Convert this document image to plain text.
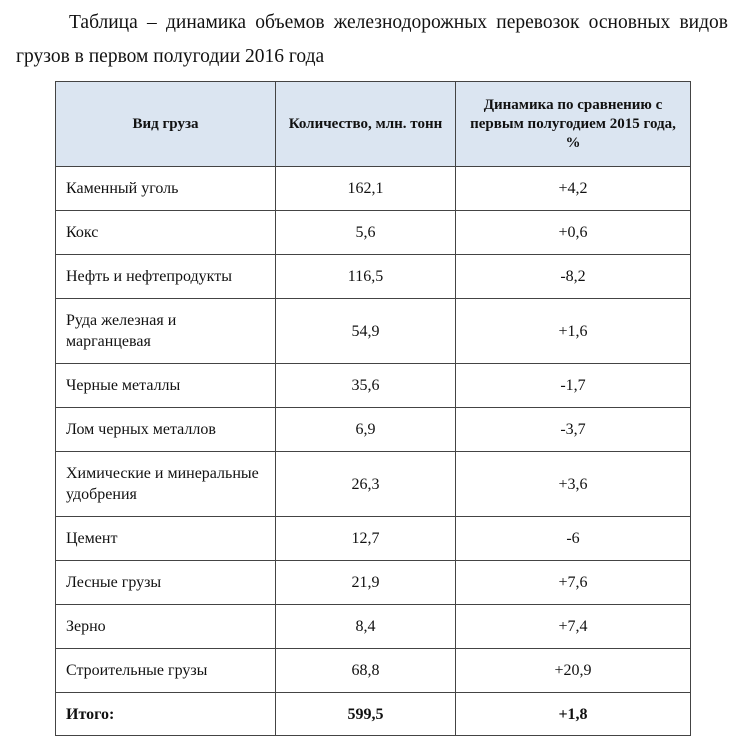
Таблица – динамика объемов железнодорожных перевозок основных видов грузов в первом полугодии 2016 года

Вид груза	Количество, млн. тонн	Динамика по сравнению с первым полугодием 2015 года, %
Каменный уголь	162,1	+4,2
Кокс	5,6	+0,6
Нефть и нефтепродукты	116,5	-8,2
Руда железная и марганцевая	54,9	+1,6
Черные металлы	35,6	-1,7
Лом черных металлов	6,9	-3,7
Химические и минеральные удобрения	26,3	+3,6
Цемент	12,7	-6
Лесные грузы	21,9	+7,6
Зерно	8,4	+7,4
Строительные грузы	68,8	+20,9
Итого:	599,5	+1,8
